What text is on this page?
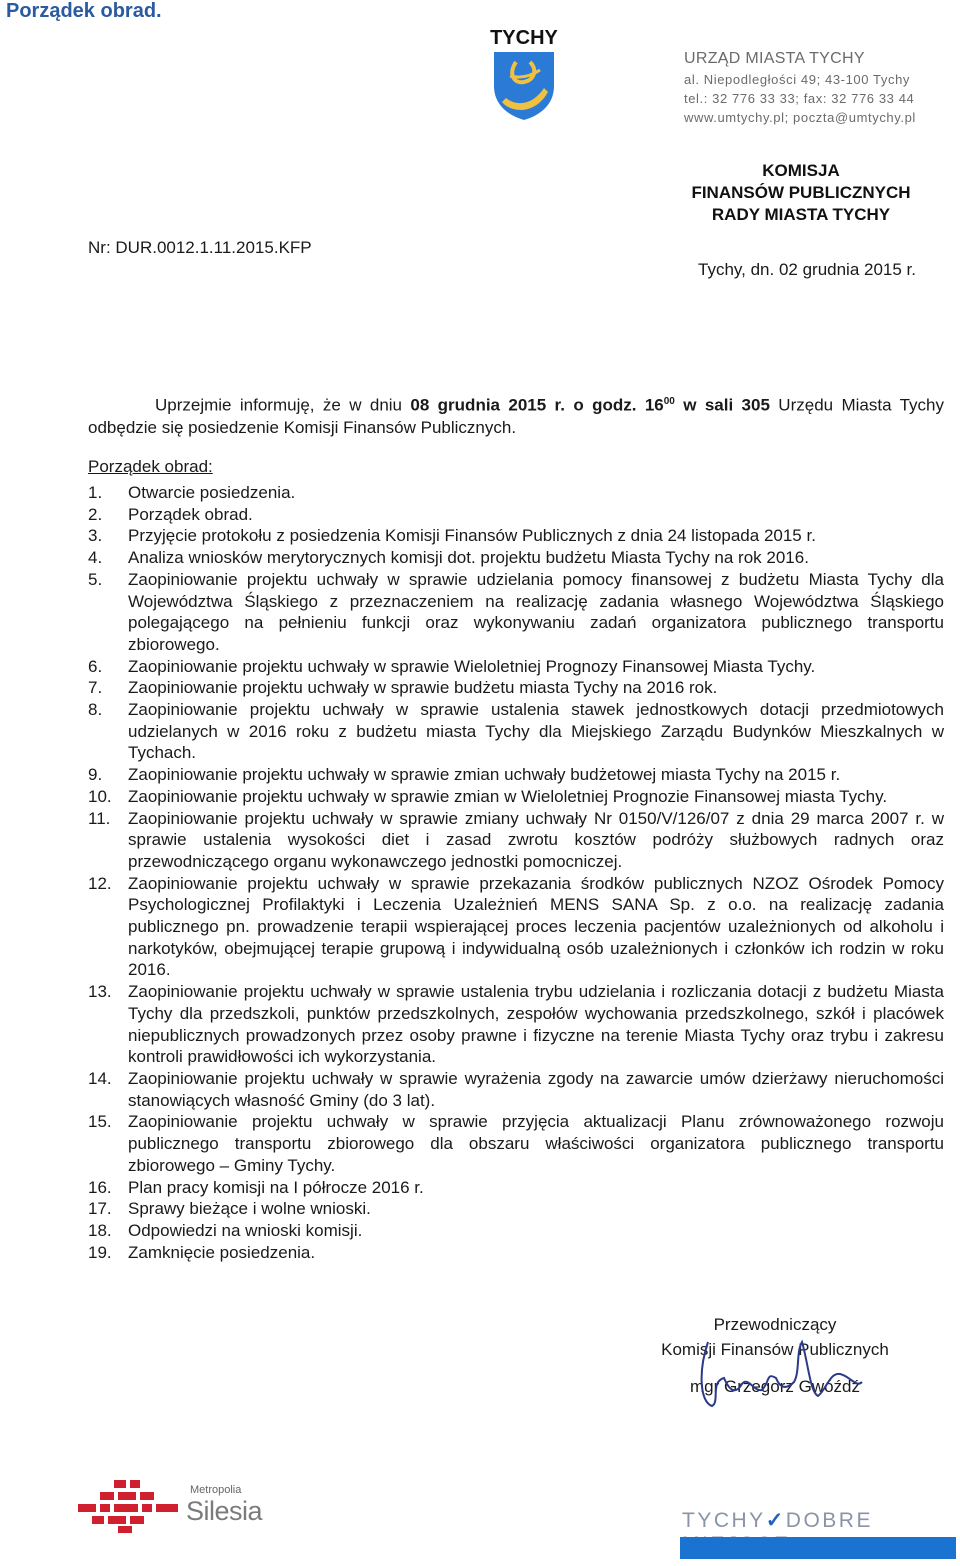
Porządek obrad.
TYCHY
URZĄD MIASTA TYCHY
al. Niepodległości 49; 43-100 Tychy
tel.: 32 776 33 33; fax: 32 776 33 44
www.umtychy.pl; poczta@umtychy.pl
KOMISJA
FINANSÓW PUBLICZNYCH
RADY MIASTA TYCHY
Nr: DUR.0012.1.11.2015.KFP
Tychy, dn. 02 grudnia 2015 r.
Uprzejmie informuję, że w dniu 08 grudnia 2015 r. o godz. $16^{00}$ w sali 305 Urzędu Miasta Tychy odbędzie się posiedzenie Komisji Finansów Publicznych.
Porządek obrad:
1. Otwarcie posiedzenia.
2. Porządek obrad.
3. Przyjęcie protokołu z posiedzenia Komisji Finansów Publicznych z dnia 24 listopada 2015 r.
4. Analiza wniosków merytorycznych komisji dot. projektu budżetu Miasta Tychy na rok 2016.
5. Zaopiniowanie projektu uchwały w sprawie udzielania pomocy finansowej z budżetu Miasta Tychy dla Województwa Śląskiego z przeznaczeniem na realizację zadania własnego Województwa Śląskiego polegającego na pełnieniu funkcji oraz wykonywaniu zadań organizatora publicznego transportu zbiorowego.
6. Zaopiniowanie projektu uchwały w sprawie Wieloletniej Prognozy Finansowej Miasta Tychy.
7. Zaopiniowanie projektu uchwały w sprawie budżetu miasta Tychy na 2016 rok.
8. Zaopiniowanie projektu uchwały w sprawie ustalenia stawek jednostkowych dotacji przedmiotowych udzielanych w 2016 roku z budżetu miasta Tychy dla Miejskiego Zarządu Budynków Mieszkalnych w Tychach.
9. Zaopiniowanie projektu uchwały w sprawie zmian uchwały budżetowej miasta Tychy na 2015 r.
10. Zaopiniowanie projektu uchwały w sprawie zmian w Wieloletniej Prognozie Finansowej miasta Tychy.
11. Zaopiniowanie projektu uchwały w sprawie zmiany uchwały Nr 0150/V/126/07 z dnia 29 marca 2007 r. w sprawie ustalenia wysokości diet i zasad zwrotu kosztów podróży służbowych radnych oraz przewodniczącego organu wykonawczego jednostki pomocniczej.
12. Zaopiniowanie projektu uchwały w sprawie przekazania środków publicznych NZOZ Ośrodek Pomocy Psychologicznej Profilaktyki i Leczenia Uzależnień MENS SANA Sp. z o.o. na realizację zadania publicznego pn. prowadzenie terapii wspierającej proces leczenia pacjentów uzależnionych od alkoholu i narkotyków, obejmującej terapie grupową i indywidualną osób uzależnionych i członków ich rodzin w roku 2016.
13. Zaopiniowanie projektu uchwały w sprawie ustalenia trybu udzielania i rozliczania dotacji z budżetu Miasta Tychy dla przedszkoli, punktów przedszkolnych, zespołów wychowania przedszkolnego, szkół i placówek niepublicznych prowadzonych przez osoby prawne i fizyczne na terenie Miasta Tychy oraz trybu i zakresu kontroli prawidłowości ich wykorzystania.
14. Zaopiniowanie projektu uchwały w sprawie wyrażenia zgody na zawarcie umów dzierżawy nieruchomości stanowiących własność Gminy (do 3 lat).
15. Zaopiniowanie projektu uchwały w sprawie przyjęcia aktualizacji Planu zrównoważonego rozwoju publicznego transportu zbiorowego dla obszaru właściwości organizatora publicznego transportu zbiorowego – Gminy Tychy.
16. Plan pracy komisji na I półrocze 2016 r.
17. Sprawy bieżące i wolne wnioski.
18. Odpowiedzi na wnioski komisji.
19. Zamknięcie posiedzenia.
Przewodniczący
Komisji Finansów Publicznych
mgr Grzegorz Gwóźdź
Metropolia
Silesia	TYCHY✓DOBRE
